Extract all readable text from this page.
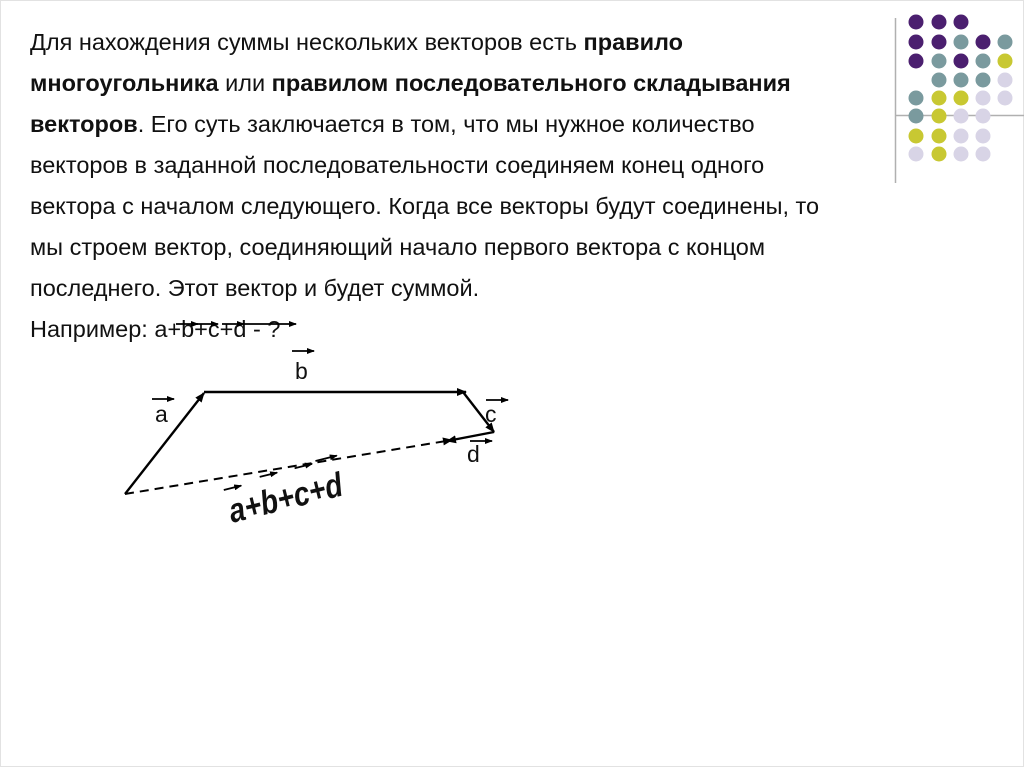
Для нахождения суммы нескольких векторов есть правило
многоугольника или правилом последовательного складывания
векторов. Его суть заключается в том, что мы нужное количество
векторов в заданной последовательности соединяем конец одного
вектора с началом следующего. Когда все векторы будут соединены, то
мы строем вектор, соединяющий начало первого вектора с концом
последнего. Этот вектор и будет суммой.
Например: a+b+c+d - ?
a
b
c
d
a+b+c+d
